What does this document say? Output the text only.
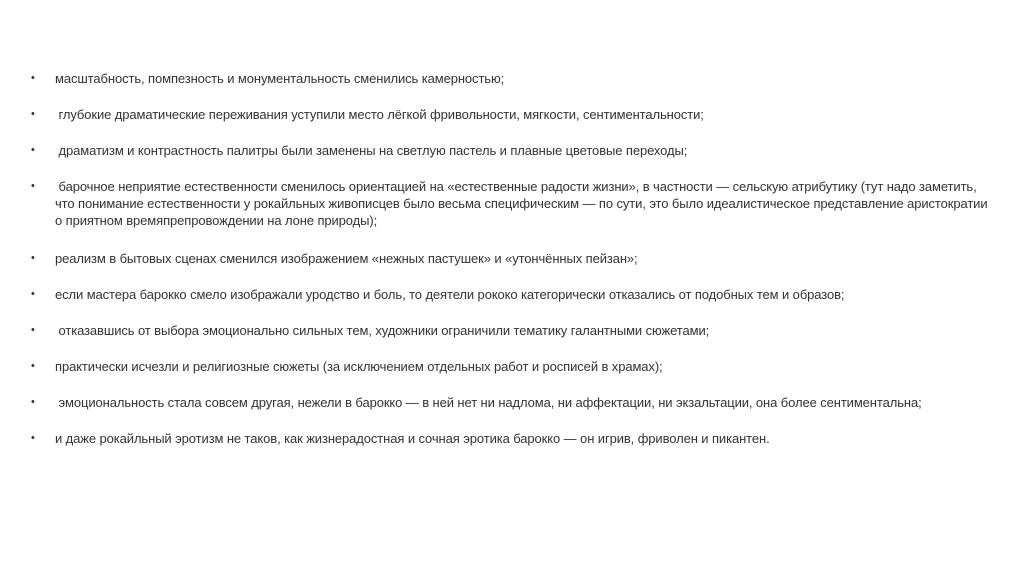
• масштабность, помпезность и монументальность сменились камерностью;
• глубокие драматические переживания уступили место лёгкой фривольности, мягкости, сентиментальности;
• драматизм и контрастность палитры были заменены на светлую пастель и плавные цветовые переходы;
• барочное неприятие естественности сменилось ориентацией на «естественные радости жизни», в частности — сельскую атрибутику (тут надо заметить, что понимание естественности у рокайльных живописцев было весьма специфическим — по сути, это было идеалистическое представление аристократии о приятном времяпрепровождении на лоне природы);
• реализм в бытовых сценах сменился изображением «нежных пастушек» и «утончённых пейзан»;
• если мастера барокко смело изображали уродство и боль, то деятели рококо категорически отказались от подобных тем и образов;
• отказавшись от выбора эмоционально сильных тем, художники ограничили тематику галантными сюжетами;
• практически исчезли и религиозные сюжеты (за исключением отдельных работ и росписей в храмах);
• эмоциональность стала совсем другая, нежели в барокко — в ней нет ни надлома, ни аффектации, ни экзальтации, она более сентиментальна;
• и даже рокайльный эротизм не таков, как жизнерадостная и сочная эротика барокко — он игрив, фриволен и пикантен.
